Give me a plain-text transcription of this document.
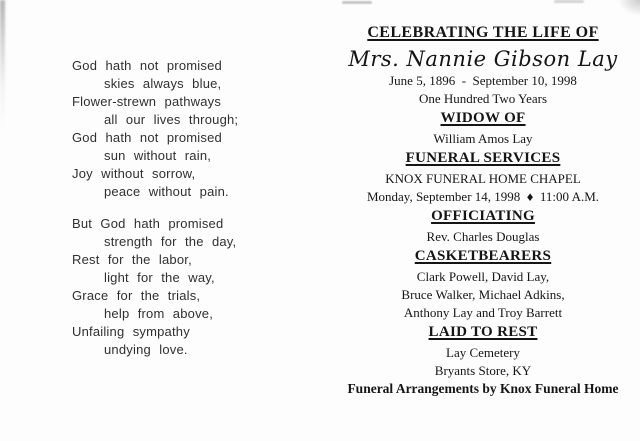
God hath not promised
skies always blue,
Flower-strewn pathways
all our lives through;
God hath not promised
sun without rain,
Joy without sorrow,
peace without pain.
But God hath promised
strength for the day,
Rest for the labor,
light for the way,
Grace for the trials,
help from above,
Unfailing sympathy
undying love.
CELEBRATING THE LIFE OF
Mrs. Nannie Gibson Lay
June 5, 1896 - September 10, 1998
One Hundred Two Years
WIDOW OF
William Amos Lay
FUNERAL SERVICES
KNOX FUNERAL HOME CHAPEL
Monday, September 14, 1998 ♦ 11:00 A.M.
OFFICIATING
Rev. Charles Douglas
CASKETBEARERS
Clark Powell, David Lay,
Bruce Walker, Michael Adkins,
Anthony Lay and Troy Barrett
LAID TO REST
Lay Cemetery
Bryants Store, KY
Funeral Arrangements by Knox Funeral Home
